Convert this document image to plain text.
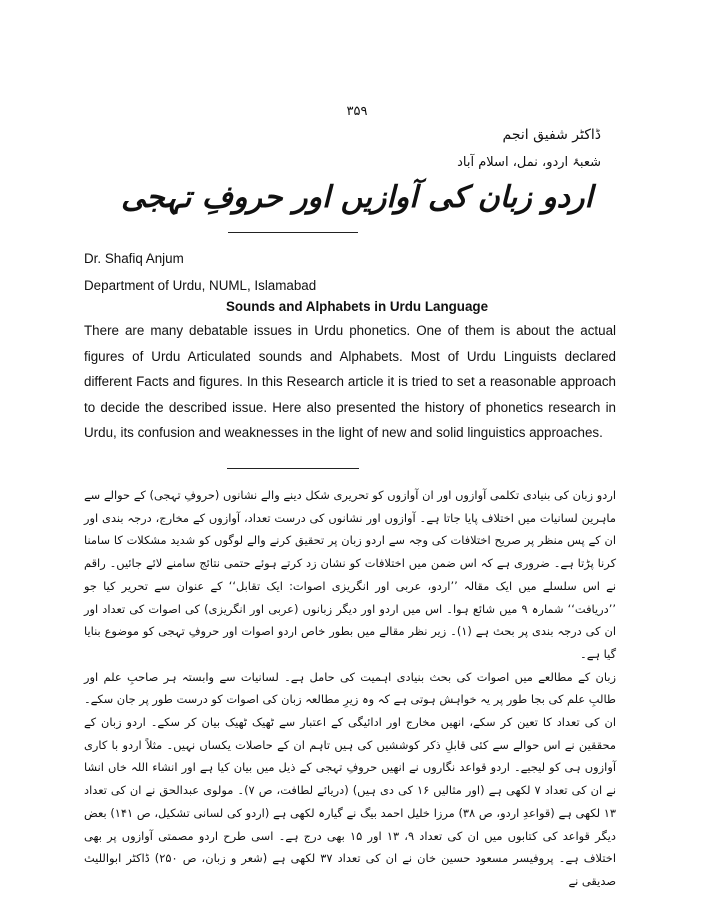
۳۵۹
ڈاکٹر شفیق انجم
شعبۂ اردو، نمل، اسلام آباد
اردو زبان کی آوازیں اور حروفِ تہجی
Dr. Shafiq Anjum
Department of Urdu, NUML, Islamabad
Sounds and Alphabets in Urdu Language

There are many debatable issues in Urdu phonetics. One of them is about the actual figures of Urdu Articulated sounds and Alphabets. Most of Urdu Linguists declared different Facts and figures. In this Research article it is tried to set a reasonable approach to decide the described issue. Here also presented the history of phonetics research in Urdu, its confusion and weaknesses in the light of new and solid linguistics approaches.

اردو زبان کی بنیادی تکلمی آوازوں اور ان آوازوں کو تحریری شکل دینے والے نشانوں (حروفِ تہجی) کے حوالے سے ماہرین لسانیات میں اختلاف پایا جاتا ہے۔ آوازوں اور نشانوں کی درست تعداد، آوازوں کے مخارج، درجہ بندی اور ان کے پس منظر پر صریح اختلافات کی وجہ سے اردو زبان پر تحقیق کرنے والے لوگوں کو شدید مشکلات کا سامنا کرنا پڑتا ہے۔ ضروری ہے کہ اس ضمن میں اختلافات کو نشان زد کرتے ہوئے حتمی نتائج سامنے لائے جائیں۔ راقم نے اس سلسلے میں ایک مقالہ ’’اردو، عربی اور انگریزی اصوات: ایک تقابل‘‘ کے عنوان سے تحریر کیا جو ’’دریافت‘‘ شمارہ ۹ میں شائع ہوا۔ اس میں اردو اور دیگر زبانوں (عربی اور انگریزی) کی اصوات کی تعداد اور ان کی درجہ بندی پر بحث ہے (۱)۔ زیر نظر مقالے میں بطور خاص اردو اصوات اور حروفِ تہجی کو موضوع بنایا گیا ہے۔

زبان کے مطالعے میں اصوات کی بحث بنیادی اہمیت کی حامل ہے۔ لسانیات سے وابستہ ہر صاحبِ علم اور طالبِ علم کی بجا طور پر یہ خواہش ہوتی ہے کہ وہ زیرِ مطالعہ زبان کی اصوات کو درست طور پر جان سکے۔ ان کی تعداد کا تعین کر سکے، انھیں مخارج اور ادائیگی کے اعتبار سے ٹھیک ٹھیک بیان کر سکے۔ اردو زبان کے محققین نے اس حوالے سے کئی قابلِ ذکر کوششیں کی ہیں تاہم ان کے حاصلات یکساں نہیں۔ مثلاً اردو با کاری آوازوں ہی کو لیجیے۔ اردو قواعد نگاروں نے انھیں حروفِ تہجی کے ذیل میں بیان کیا ہے اور انشاء اللہ خاں انشا نے ان کی تعداد ۷ لکھی ہے (اور مثالیں ۱۶ کی دی ہیں) (دریائے لطافت، ص ۷)۔ مولوی عبدالحق نے ان کی تعداد ۱۳ لکھی ہے (قواعدِ اردو، ص ۳۸) مرزا خلیل احمد بیگ نے گیارہ لکھی ہے (اردو کی لسانی تشکیل، ص ۱۴۱) بعض دیگر قواعد کی کتابوں میں ان کی تعداد ۹، ۱۳ اور ۱۵ بھی درج ہے۔ اسی طرح اردو مصمتی آوازوں پر بھی اختلاف ہے۔ پروفیسر مسعود حسین خان نے ان کی تعداد ۳۷ لکھی ہے (شعر و زبان، ص ۲۵۰) ڈاکٹر ابواللیث صدیقی نے
